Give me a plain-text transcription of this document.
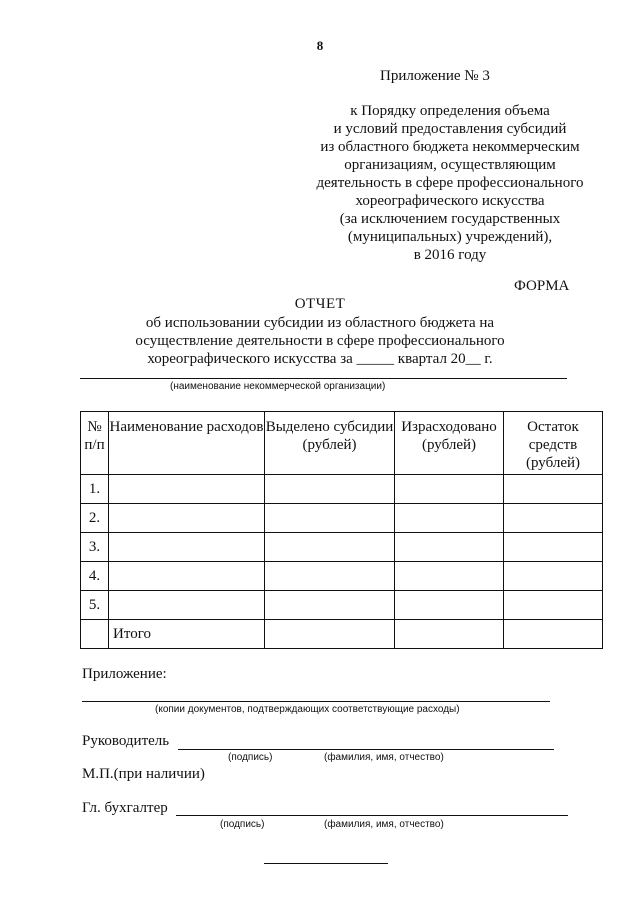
8
Приложение № 3
к Порядку определения объема
и условий предоставления субсидий
из областного бюджета некоммерческим
организациям, осуществляющим
деятельность в сфере профессионального
хореографического искусства
(за исключением государственных
(муниципальных) учреждений),
в 2016 году
ФОРМА
ОТЧЕТ
об использовании субсидии из областного бюджета на
осуществление деятельности в сфере профессионального
хореографического искусства за _____ квартал 20__ г.
(наименование некоммерческой организации)
№ п/п	Наименование расходов	Выделено субсидии (рублей)	Израсходовано (рублей)	Остаток средств (рублей)
1.				
2.				
3.				
4.				
5.				
	Итого			
Приложение:
(копии документов, подтверждающих соответствующие расходы)
Руководитель
(подпись)	(фамилия, имя, отчество)
М.П.(при наличии)
Гл. бухгалтер
(подпись)	(фамилия, имя, отчество)
